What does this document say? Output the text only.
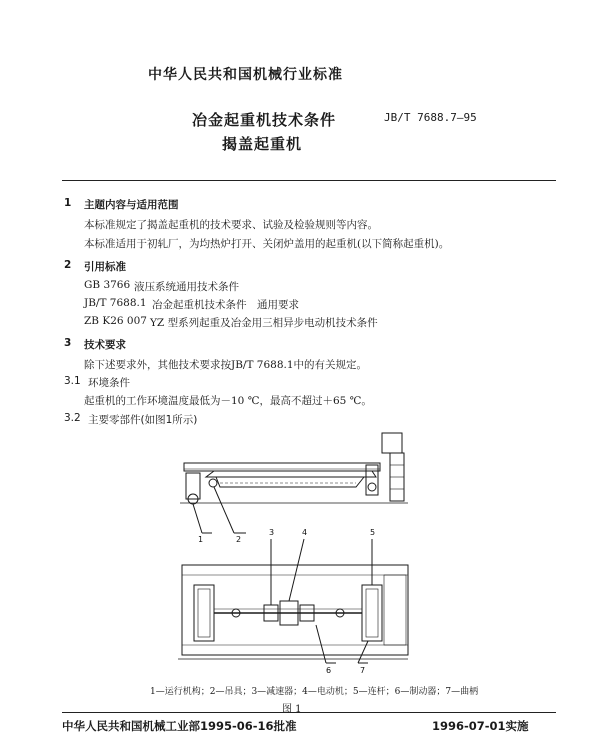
中华人民共和国机械行业标准
冶金起重机技术条件
揭盖起重机
JB/T 7688.7—95
1 主题内容与适用范围
本标准规定了揭盖起重机的技术要求、试验及检验规则等内容。
本标准适用于初轧厂，为均热炉打开、关闭炉盖用的起重机(以下简称起重机)。
2 引用标准
GB 3766 液压系统通用技术条件
JB/T 7688.1 冶金起重机技术条件　通用要求
ZB K26 007 YZ 型系列起重及冶金用三相异步电动机技术条件
3 技术要求
除下述要求外，其他技术要求按JB/T 7688.1中的有关规定。
3.1 环境条件
起重机的工作环境温度最低为－10 ℃，最高不超过＋65 ℃。
3.2 主要零部件(如图1所示)
1	2
3	4	5
6	7
1—运行机构；2—吊具；3—减速器；4—电动机；5—连杆；6—制动器；7—曲柄
图 1
中华人民共和国机械工业部1995-06-16批准	1996-07-01实施
